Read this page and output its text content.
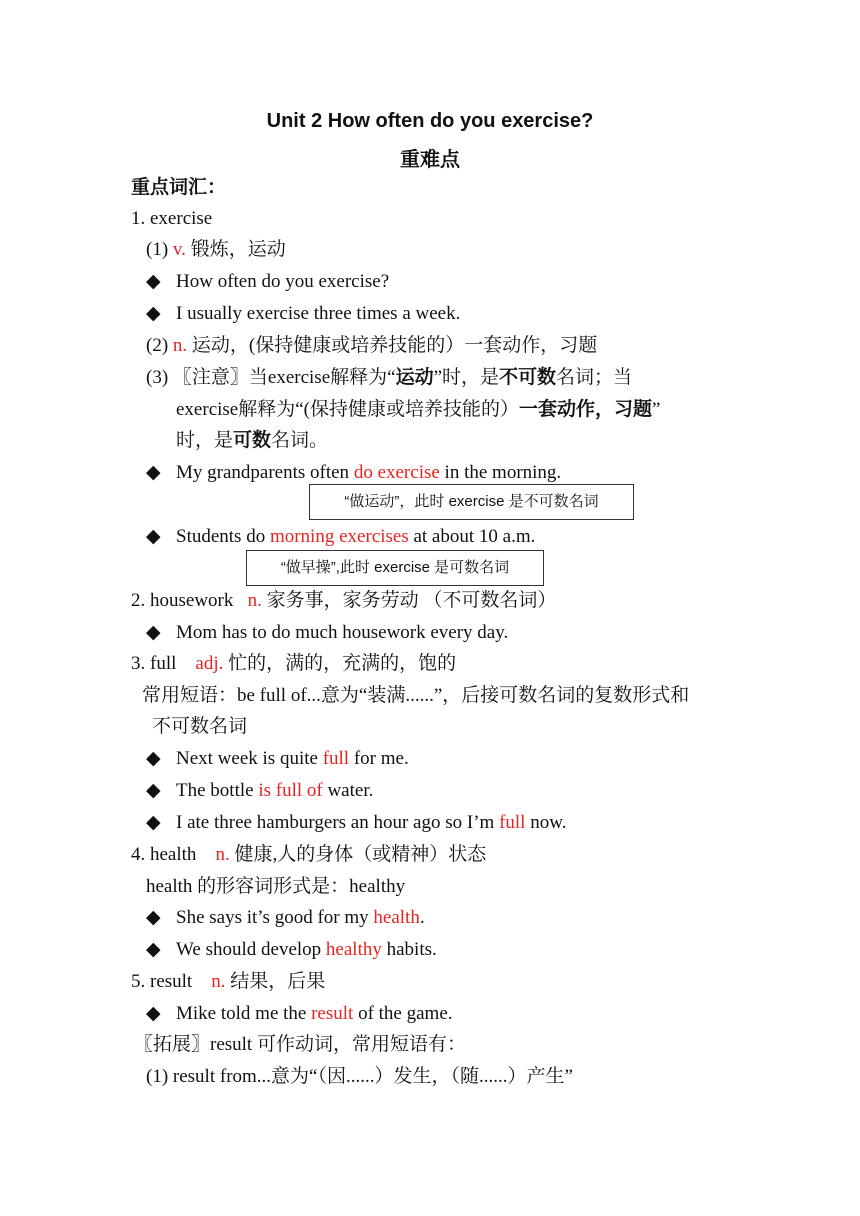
Unit 2 How often do you exercise?
重难点
重点词汇：
1. exercise
(1) v. 锻炼，运动
◆ How often do you exercise?
◆ I usually exercise three times a week.
(2) n. 运动，(保持健康或培养技能的）一套动作，习题
(3) 〖注意〗当exercise解释为“运动”时，是不可数名词；当
exercise解释为“(保持健康或培养技能的）一套动作，习题”
时，是可数名词。
◆ My grandparents often do exercise in the morning.
“做运动”，此时 exercise 是不可数名词
◆ Students do morning exercises at about 10 a.m.
“做早操”,此时 exercise 是可数名词
2. housework n. 家务事，家务劳动 （不可数名词）
◆ Mom has to do much housework every day.
3. full adj. 忙的，满的，充满的，饱的
常用短语：be full of...意为“装满......”，后接可数名词的复数形式和
不可数名词
◆ Next week is quite full for me.
◆ The bottle is full of water.
◆ I ate three hamburgers an hour ago so I’m full now.
4. health n. 健康,人的身体（或精神）状态
health 的形容词形式是：healthy
◆ She says it’s good for my health.
◆ We should develop healthy habits.
5. result n. 结果，后果
◆ Mike told me the result of the game.
〖拓展〗result 可作动词，常用短语有：
(1) result from...意为“（因......）发生，（随......）产生”
